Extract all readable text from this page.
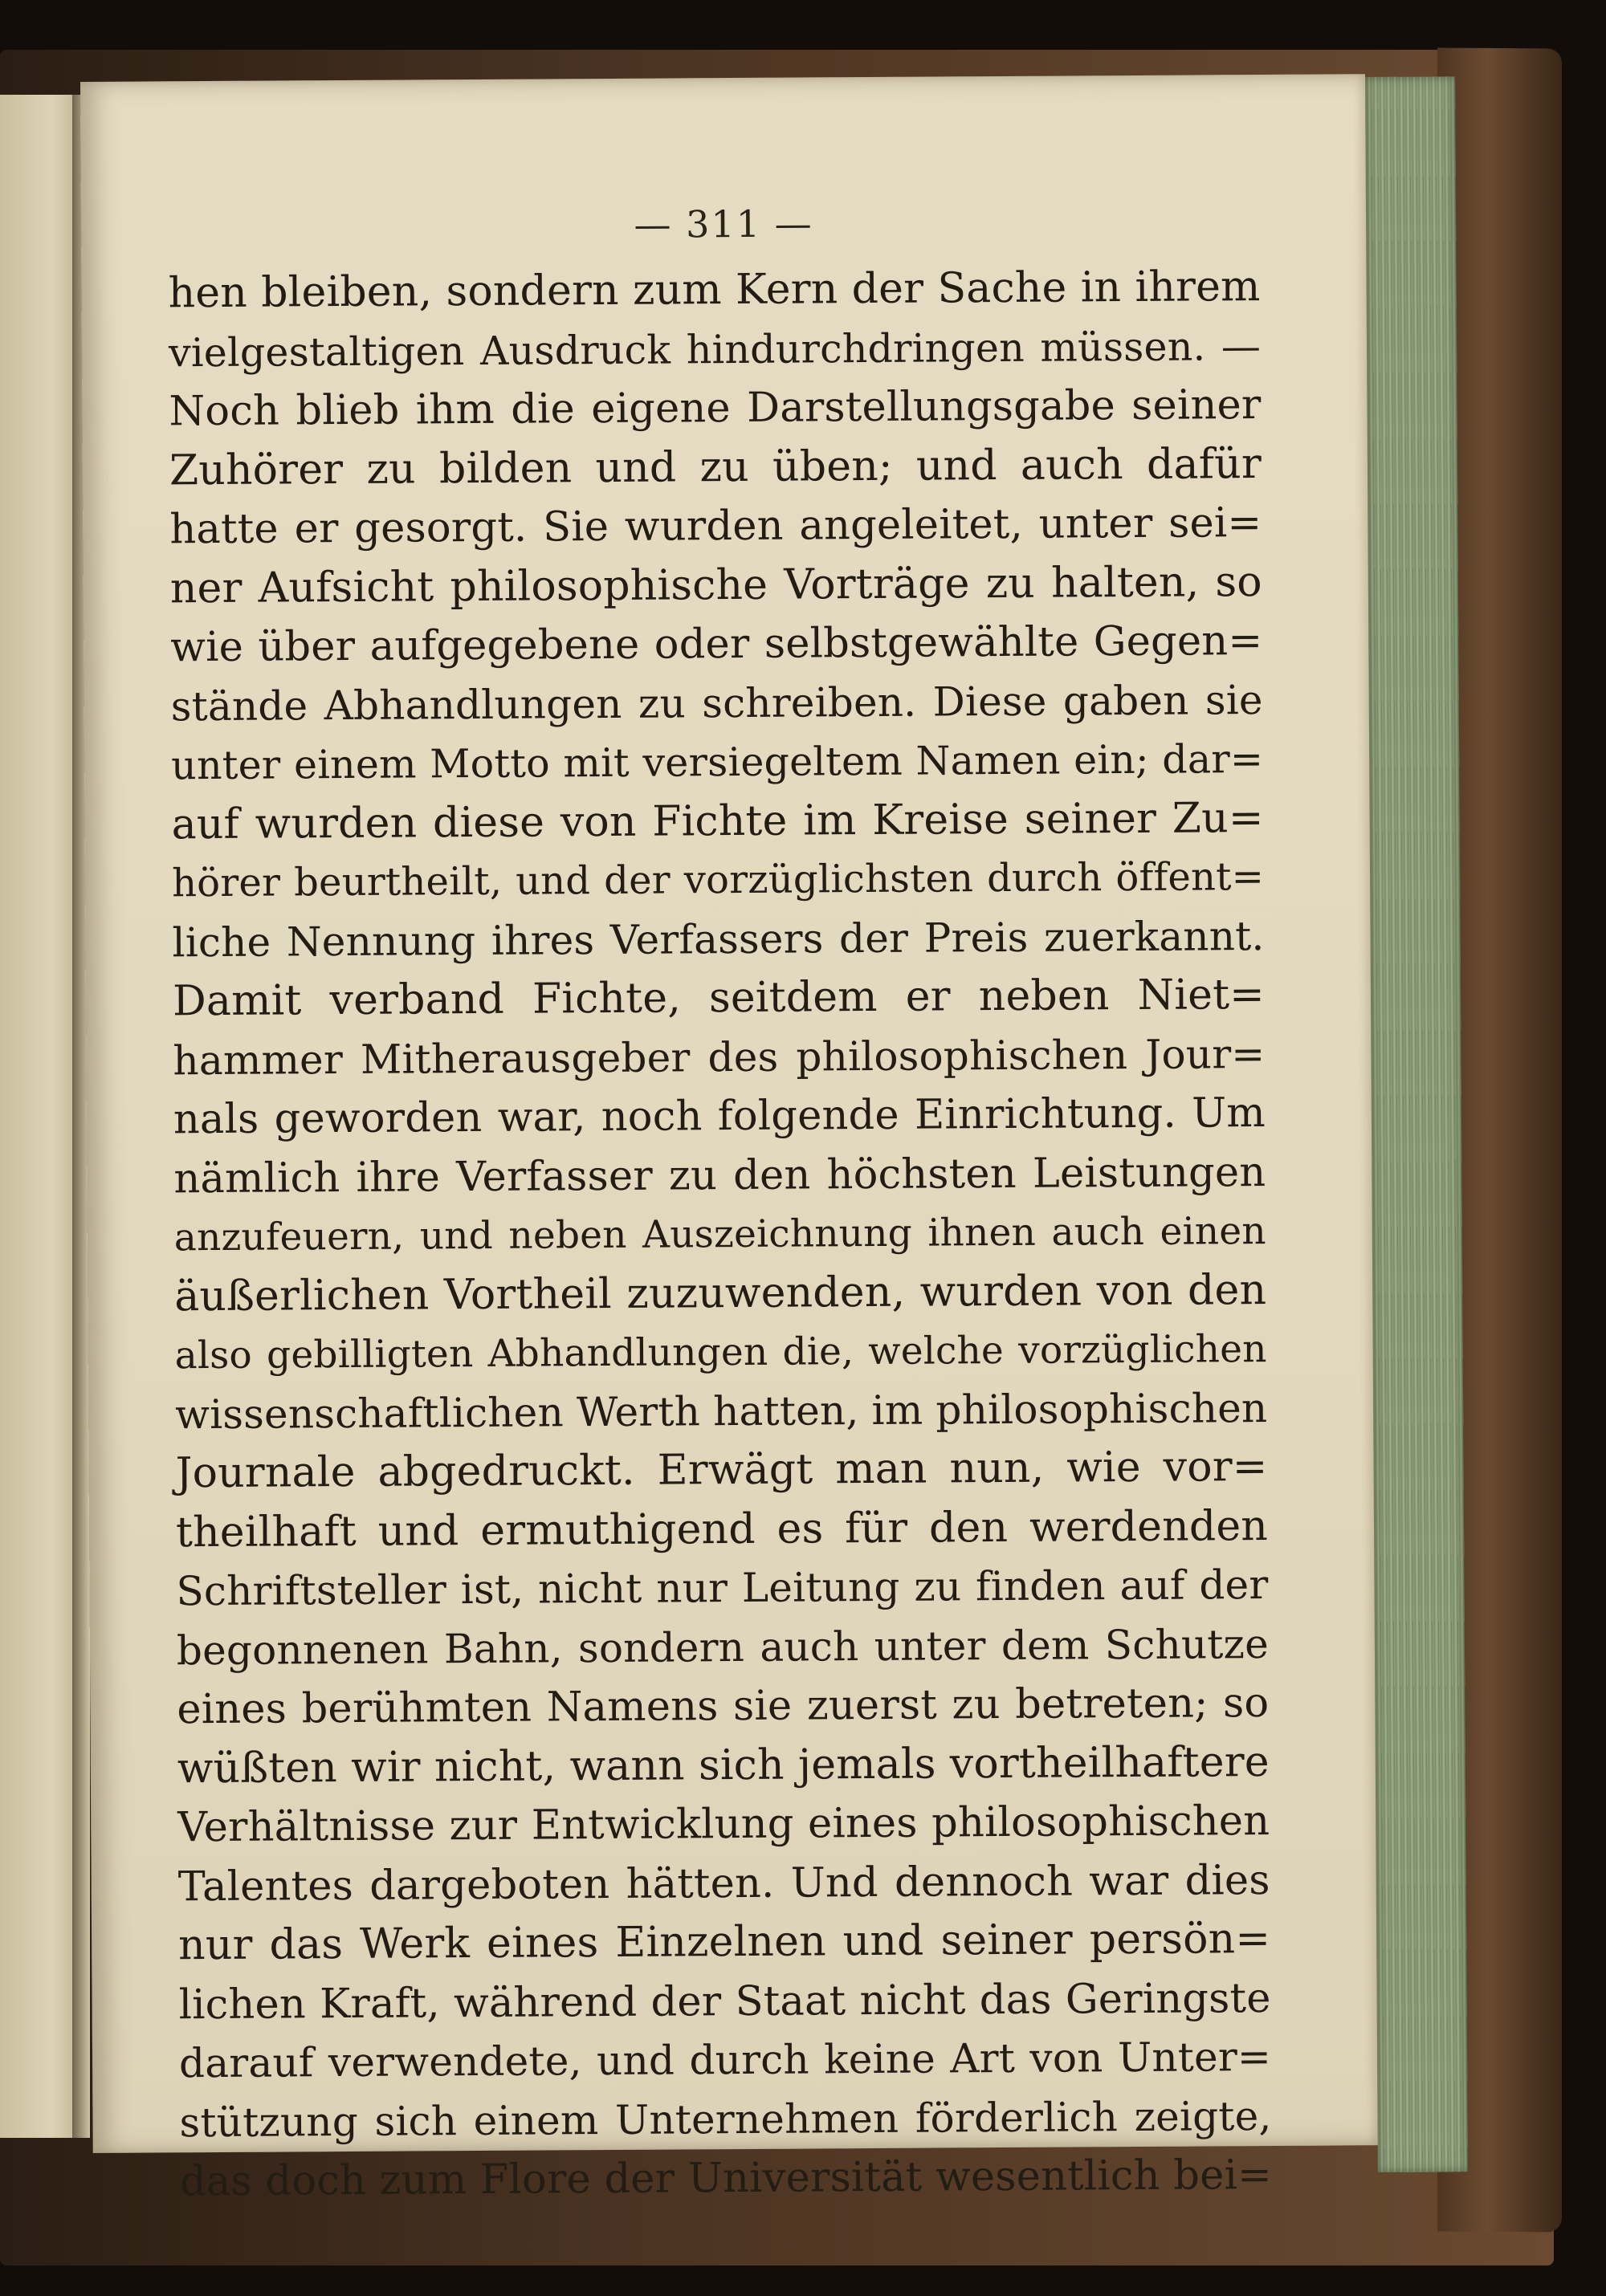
— 311 —
hen bleiben, sondern zum Kern der Sache in ihrem
vielgestaltigen Ausdruck hindurchdringen müssen. —
Noch blieb ihm die eigene Darstellungsgabe seiner
Zuhörer zu bilden und zu üben; und auch dafür
hatte er gesorgt. Sie wurden angeleitet, unter sei=
ner Aufsicht philosophische Vorträge zu halten, so
wie über aufgegebene oder selbstgewählte Gegen=
stände Abhandlungen zu schreiben. Diese gaben sie
unter einem Motto mit versiegeltem Namen ein; dar=
auf wurden diese von Fichte im Kreise seiner Zu=
hörer beurtheilt, und der vorzüglichsten durch öffent=
liche Nennung ihres Verfassers der Preis zuerkannt.
Damit verband Fichte, seitdem er neben Niet=
hammer Mitherausgeber des philosophischen Jour=
nals geworden war, noch folgende Einrichtung. Um
nämlich ihre Verfasser zu den höchsten Leistungen
anzufeuern, und neben Auszeichnung ihnen auch einen
äußerlichen Vortheil zuzuwenden, wurden von den
also gebilligten Abhandlungen die, welche vorzüglichen
wissenschaftlichen Werth hatten, im philosophischen
Journale abgedruckt. Erwägt man nun, wie vor=
theilhaft und ermuthigend es für den werdenden
Schriftsteller ist, nicht nur Leitung zu finden auf der
begonnenen Bahn, sondern auch unter dem Schutze
eines berühmten Namens sie zuerst zu betreten; so
wüßten wir nicht, wann sich jemals vortheilhaftere
Verhältnisse zur Entwicklung eines philosophischen
Talentes dargeboten hätten. Und dennoch war dies
nur das Werk eines Einzelnen und seiner persön=
lichen Kraft, während der Staat nicht das Geringste
darauf verwendete, und durch keine Art von Unter=
stützung sich einem Unternehmen förderlich zeigte,
das doch zum Flore der Universität wesentlich bei=
